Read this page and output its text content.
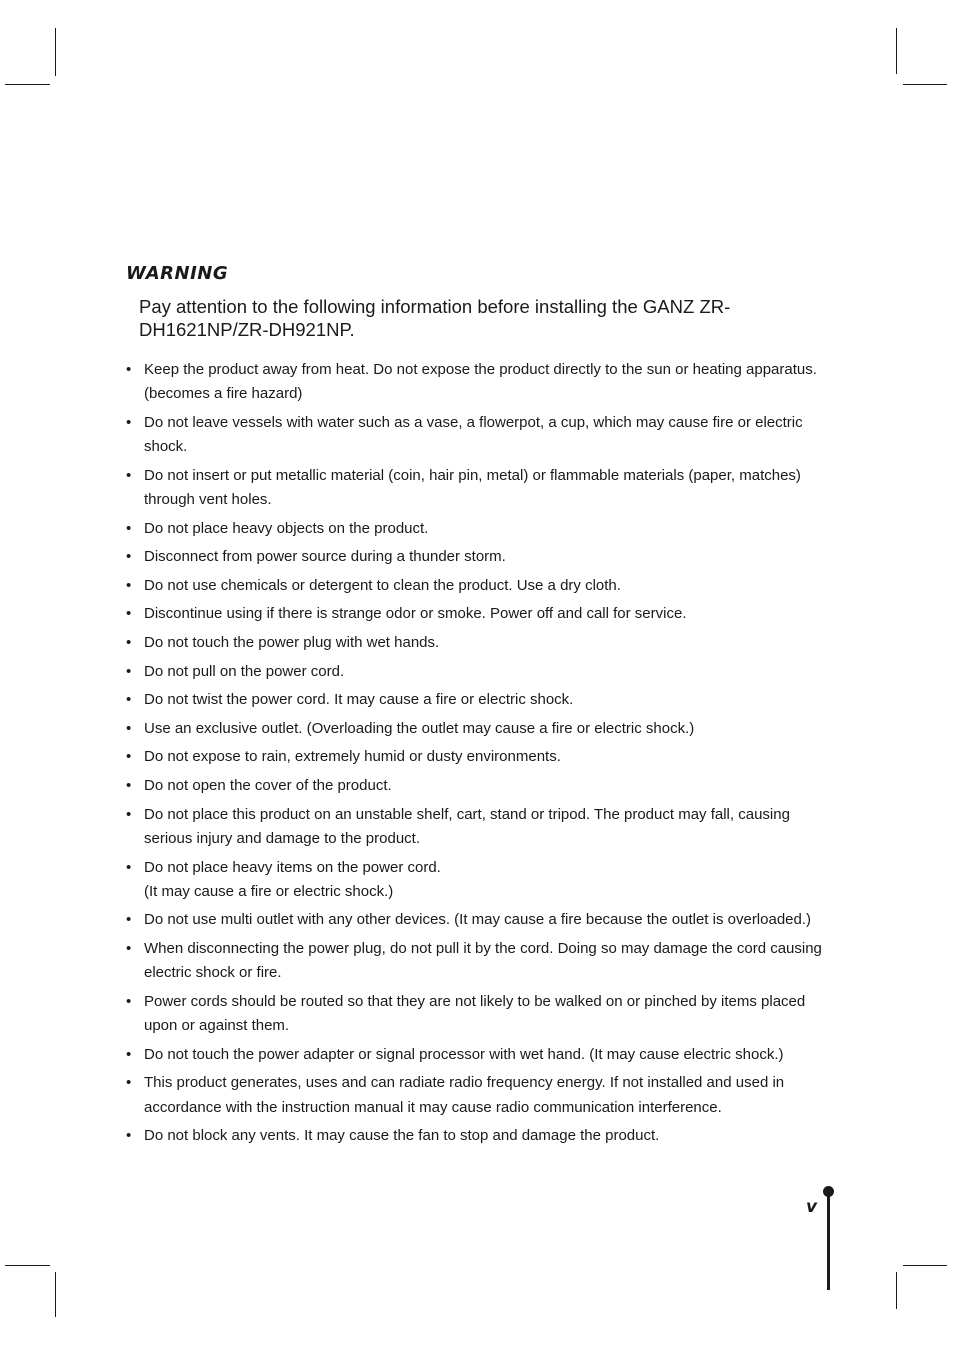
WARNING

Pay attention to the following information before installing the GANZ ZR-DH1621NP/ZR-DH921NP.

• Keep the product away from heat. Do not expose the product directly to the sun or heating apparatus. (becomes a fire hazard)
• Do not leave vessels with water such as a vase, a flowerpot, a cup, which may cause fire or electric shock.
• Do not insert or put metallic material (coin, hair pin, metal) or flammable materials (paper, matches) through vent holes.
• Do not place heavy objects on the product.
• Disconnect from power source during a thunder storm.
• Do not use chemicals or detergent to clean the product. Use a dry cloth.
• Discontinue using if there is strange odor or smoke. Power off and call for service.
• Do not touch the power plug with wet hands.
• Do not pull on the power cord.
• Do not twist the power cord. It may cause a fire or electric shock.
• Use an exclusive outlet. (Overloading the outlet may cause a fire or electric shock.)
• Do not expose to rain, extremely humid or dusty environments.
• Do not open the cover of the product.
• Do not place this product on an unstable shelf, cart, stand or tripod. The product may fall, causing serious injury and damage to the product.
• Do not place heavy items on the power cord.
(It may cause a fire or electric shock.)
• Do not use multi outlet with any other devices. (It may cause a fire because the outlet is overloaded.)
• When disconnecting the power plug, do not pull it by the cord. Doing so may damage the cord causing electric shock or fire.
• Power cords should be routed so that they are not likely to be walked on or pinched by items placed upon or against them.
• Do not touch the power adapter or signal processor with wet hand. (It may cause electric shock.)
• This product generates, uses and can radiate radio frequency energy. If not installed and used in accordance with the instruction manual it may cause radio communication interference.
• Do not block any vents. It may cause the fan to stop and damage the product.
v
